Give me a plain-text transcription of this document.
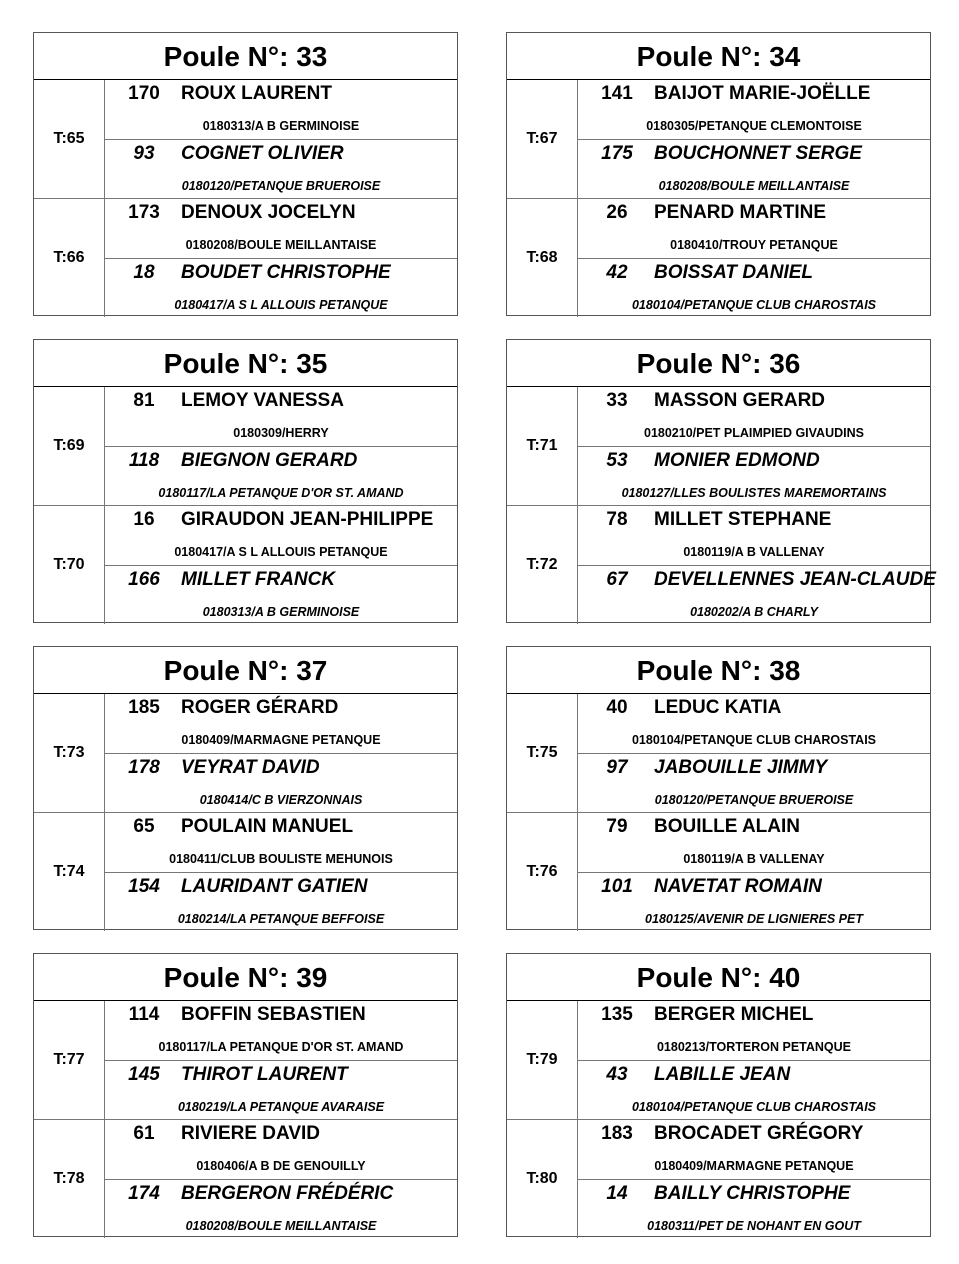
Poule N°: 33
T:65
170	ROUX LAURENT
0180313/A B GERMINOISE
93	COGNET OLIVIER
0180120/PETANQUE BRUEROISE
T:66
173	DENOUX JOCELYN
0180208/BOULE MEILLANTAISE
18	BOUDET CHRISTOPHE
0180417/A S L ALLOUIS PETANQUE
Poule N°: 34
T:67
141	BAIJOT MARIE-JOËLLE
0180305/PETANQUE CLEMONTOISE
175	BOUCHONNET SERGE
0180208/BOULE MEILLANTAISE
T:68
26	PENARD MARTINE
0180410/TROUY PETANQUE
42	BOISSAT DANIEL
0180104/PETANQUE CLUB CHAROSTAIS
Poule N°: 35
T:69
81	LEMOY VANESSA
0180309/HERRY
118	BIEGNON GERARD
0180117/LA PETANQUE D'OR ST. AMAND
T:70
16	GIRAUDON JEAN-PHILIPPE
0180417/A S L ALLOUIS PETANQUE
166	MILLET FRANCK
0180313/A B GERMINOISE
Poule N°: 36
T:71
33	MASSON GERARD
0180210/PET PLAIMPIED GIVAUDINS
53	MONIER EDMOND
0180127/LLES BOULISTES MAREMORTAINS
T:72
78	MILLET STEPHANE
0180119/A B VALLENAY
67	DEVELLENNES JEAN-CLAUDE
0180202/A B CHARLY
Poule N°: 37
T:73
185	ROGER GÉRARD
0180409/MARMAGNE PETANQUE
178	VEYRAT DAVID
0180414/C B VIERZONNAIS
T:74
65	POULAIN MANUEL
0180411/CLUB BOULISTE MEHUNOIS
154	LAURIDANT GATIEN
0180214/LA PETANQUE BEFFOISE
Poule N°: 38
T:75
40	LEDUC KATIA
0180104/PETANQUE CLUB CHAROSTAIS
97	JABOUILLE JIMMY
0180120/PETANQUE BRUEROISE
T:76
79	BOUILLE ALAIN
0180119/A B VALLENAY
101	NAVETAT ROMAIN
0180125/AVENIR DE LIGNIERES PET
Poule N°: 39
T:77
114	BOFFIN SEBASTIEN
0180117/LA PETANQUE D'OR ST. AMAND
145	THIROT LAURENT
0180219/LA PETANQUE AVARAISE
T:78
61	RIVIERE DAVID
0180406/A B DE GENOUILLY
174	BERGERON FRÉDÉRIC
0180208/BOULE MEILLANTAISE
Poule N°: 40
T:79
135	BERGER MICHEL
0180213/TORTERON PETANQUE
43	LABILLE JEAN
0180104/PETANQUE CLUB CHAROSTAIS
T:80
183	BROCADET GRÉGORY
0180409/MARMAGNE PETANQUE
14	BAILLY CHRISTOPHE
0180311/PET DE NOHANT EN GOUT
